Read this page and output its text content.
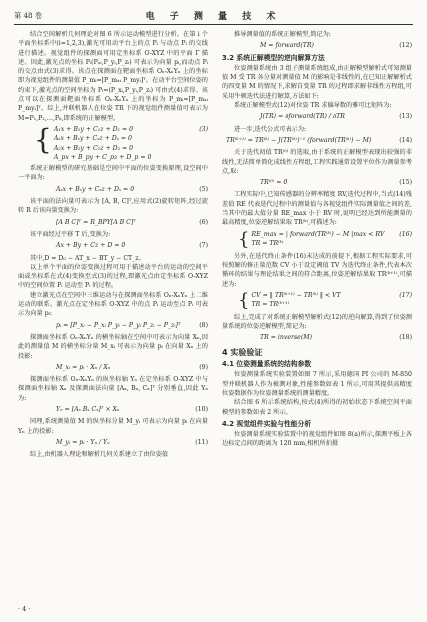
第 48 卷	电 子 测 量 技 术

结合空间解析几何理论对图 6 所示运动模型进行分析。在第 i 个平面坐标系中(i=1,2,3),激光可用动平台上的点 Pᵢ 与动点 Pᵢ 的交线进行描述。视觉组件的探测面可用定坐标系 O-XYZ 中的平面 Γ 描述。因此,激光点的坐标 Pᵢ(Pₓᵢ,P_yᵢ,P_zᵢ) 可表示为向量 pᵢ,而动点 Pᵢ 的交点由式(3)求得。该点在探测面在靶面坐标系 Oₙ-XₙYₙ 上的坐标即为视觉组件的测量值 P_mᵢ=[P_mₓᵢ P_myᵢ]ᵀ。在动平台空间位姿的约束下,激光点的空间坐标为 Pᵢ=(P_xᵢ,P_yᵢ,P_zᵢ) 可由式(4)求得。该点可以在探测面靶面坐标系 Oₙ-XₙYₙ 上的坐标为 P_mᵢ=[P_mₓᵢ P_myᵢ]ᵀ。综上,并联机器人在位姿 TR 下的视觉组件测量值可表示为 M=P₁,P₂,…,P₆,即系统的正解模型。

{ A₁x + B₁y + C₁z + D₁ = 0
Aₓx + Bₓy + Cₓz + Dₓ = 0
A₂x + B₂y + C₂z + D₂ = 0
A_px + B_py + C_pz + D_p = 0
(3)

系统正解模型的研究基础是空间中平面的位姿变换原理,设空间中一平面为:

Aₓx + Bₓy + Cₓz + Dₓ = 0	(5)

该平面的法向量可表示为 [A, B, C]ᵀ,应用式(2)旋转矩阵,经过旋转 R 后该向量变换为:

[A B C]ᵀ = R_BPY[A B C]ᵀ	(6)

该平面经过平移 T 后,变换为:

Ax + By + Cz + D = 0	(7)

其中,D = D₀ − AT_x − BT_y − CT_z。

以上单个平面的位姿变换过程可用于描述动平台的运动的空间平面或坐标系在式(4)变换至式(3)的过程,即激光点由定坐标系 O-XYZ 中的空间位置 Pᵢ 运动至 Pᵢ 的过程。

建立激光点在空间中三维运动与在探测面坐标系 Oₙ-XₙYₙ 上二维运动的联系。激光点在定坐标系 O-XYZ 中的点 Pᵢ 运动至点 Pᵢ 可表示为向量 pᵢ:

pᵢ = [P_xᵢ − P_xᵢ P_yᵢ − P_yᵢ P_zᵢ − P_zᵢ]ᵀ	(8)

探测面坐标系 Oₙ-XₙYₙ 的横坐标轴在空间中可表示为向量 Xₙ,因此的测量值 M 的横坐标分量 M_xᵢ 可表示为向量 pᵢ 在向量 Xₙ 上的投影:

M_xᵢ = pᵢ · Xₙ / Xₙ	(9)

探测面坐标系 Oₙ-XₙYₙ 的纵坐标轴 Yₙ 在定坐标系 O-XYZ 中与探测面坐标轴 Xₙ 及探测面法向量 [Aₓ, Bₓ, Cₓ]ᵀ 分别垂直,因此 Yₙ 为:

Yₙ = [Aₓ Bₓ Cₓ]ᵀ × Xₙ	(10)

同理,系统测量值 M 的纵坐标分量 M_yᵢ 可表示为向量 pᵢ 在向量 Yₙ 上的投影:

M_yᵢ = pᵢ · Yₙ / Yₙ	(11)

综上,由机器人理论和解析几何关系建立了由位姿值

推导测量值的系统正解模型,简记为:

M = forward(TR)	(12)
3.2 系统正解模型的逆向解算方法

位姿测量系统由 3 组子测量系统组成,由正解模型解析式可知测量值 M 受 TR 各分量对测量值 M 的影响是非线性的,在已知正解解析式的四变量 M 的情况下,求解自变量 TR 的过程即求解非线性方程组,可采用牛顿迭代法进行解算,方法如下:

系统正解模型式(12)对位姿 TR 求偏导数的雅可比矩阵为:

J(TR) = ∂forward(TR) / ∂TR	(13)

进一步,迭代公式可表示为:

TR⁽ᵏ⁺¹⁾ = TR⁽ᵏ⁾ − J(TR⁽ᵏ⁾)⁻¹ (forward(TR⁽ᵏ⁾) − M)	(14)

关于迭代初值 TR⁽⁰⁾ 的选取,由于系统的正解模型表现出较强的非线性,无法简单简化成线性方程组,工程实践通常设置平位作为测量参考点,取:

TR⁽⁰⁾ = 0	(15)

工程实际中,已知传感器的分辨率精度 RV,迭代过程中,当式(14)残差值 RE 代表迭代过程中的测量值与各视觉组件实际测量值之间的差,当其中的最大值分量 RE_max 小于 RV 时,说明已经达到所能测量的最高精度,位姿逆解结果取 TR⁽ᵏ⁾,可描述为:

{ RE_max = | forward(TR⁽ᵏ⁾) − M |max < RV
TR = TR⁽ᵏ⁾
(16)

另外,在迭代终止条件(16)未达成的前提下,根据工程实际要求,可按照解的修正量范数 CV 小于设定阈值 TV 为迭代终止条件,代表本次循环的结果与理论结果之间的符合距离,位姿逆解结果取 TR⁽ᵏ⁺¹⁾,可描述为:

{ CV = ‖ TR⁽ᵏ⁺¹⁾ − TR⁽ᵏ⁾ ‖ < VT
TR = TR⁽ᵏ⁺¹⁾
(17)

综上,完成了对系统正解模型解析式(12)的逆向解算,得到了位姿测量系统的位姿逆解模型,简记为:

TR = inverse(M)	(18)
4 实验验证
4.1 位姿测量系统的结构参数

位姿测量系统实验装置如图 7 所示,采用德国 PI 公司的 M-850 型并联机器人作为被测对象,性能参数如表 1 所示,可用其提供高精度位姿数据作为位姿测量系统的测量精度。

结合图 6 所示系统结构,按式(4)所得的初始状态下系统空间平面模型的参数如表 2 所示。

4.2 视觉组件实验与性能分析

位姿测量系统实验装置中的视觉组件如图 8(a)所示,探测平板上各边标定点间的距离为 120 mm,相机所拍摄

· 4 ·
